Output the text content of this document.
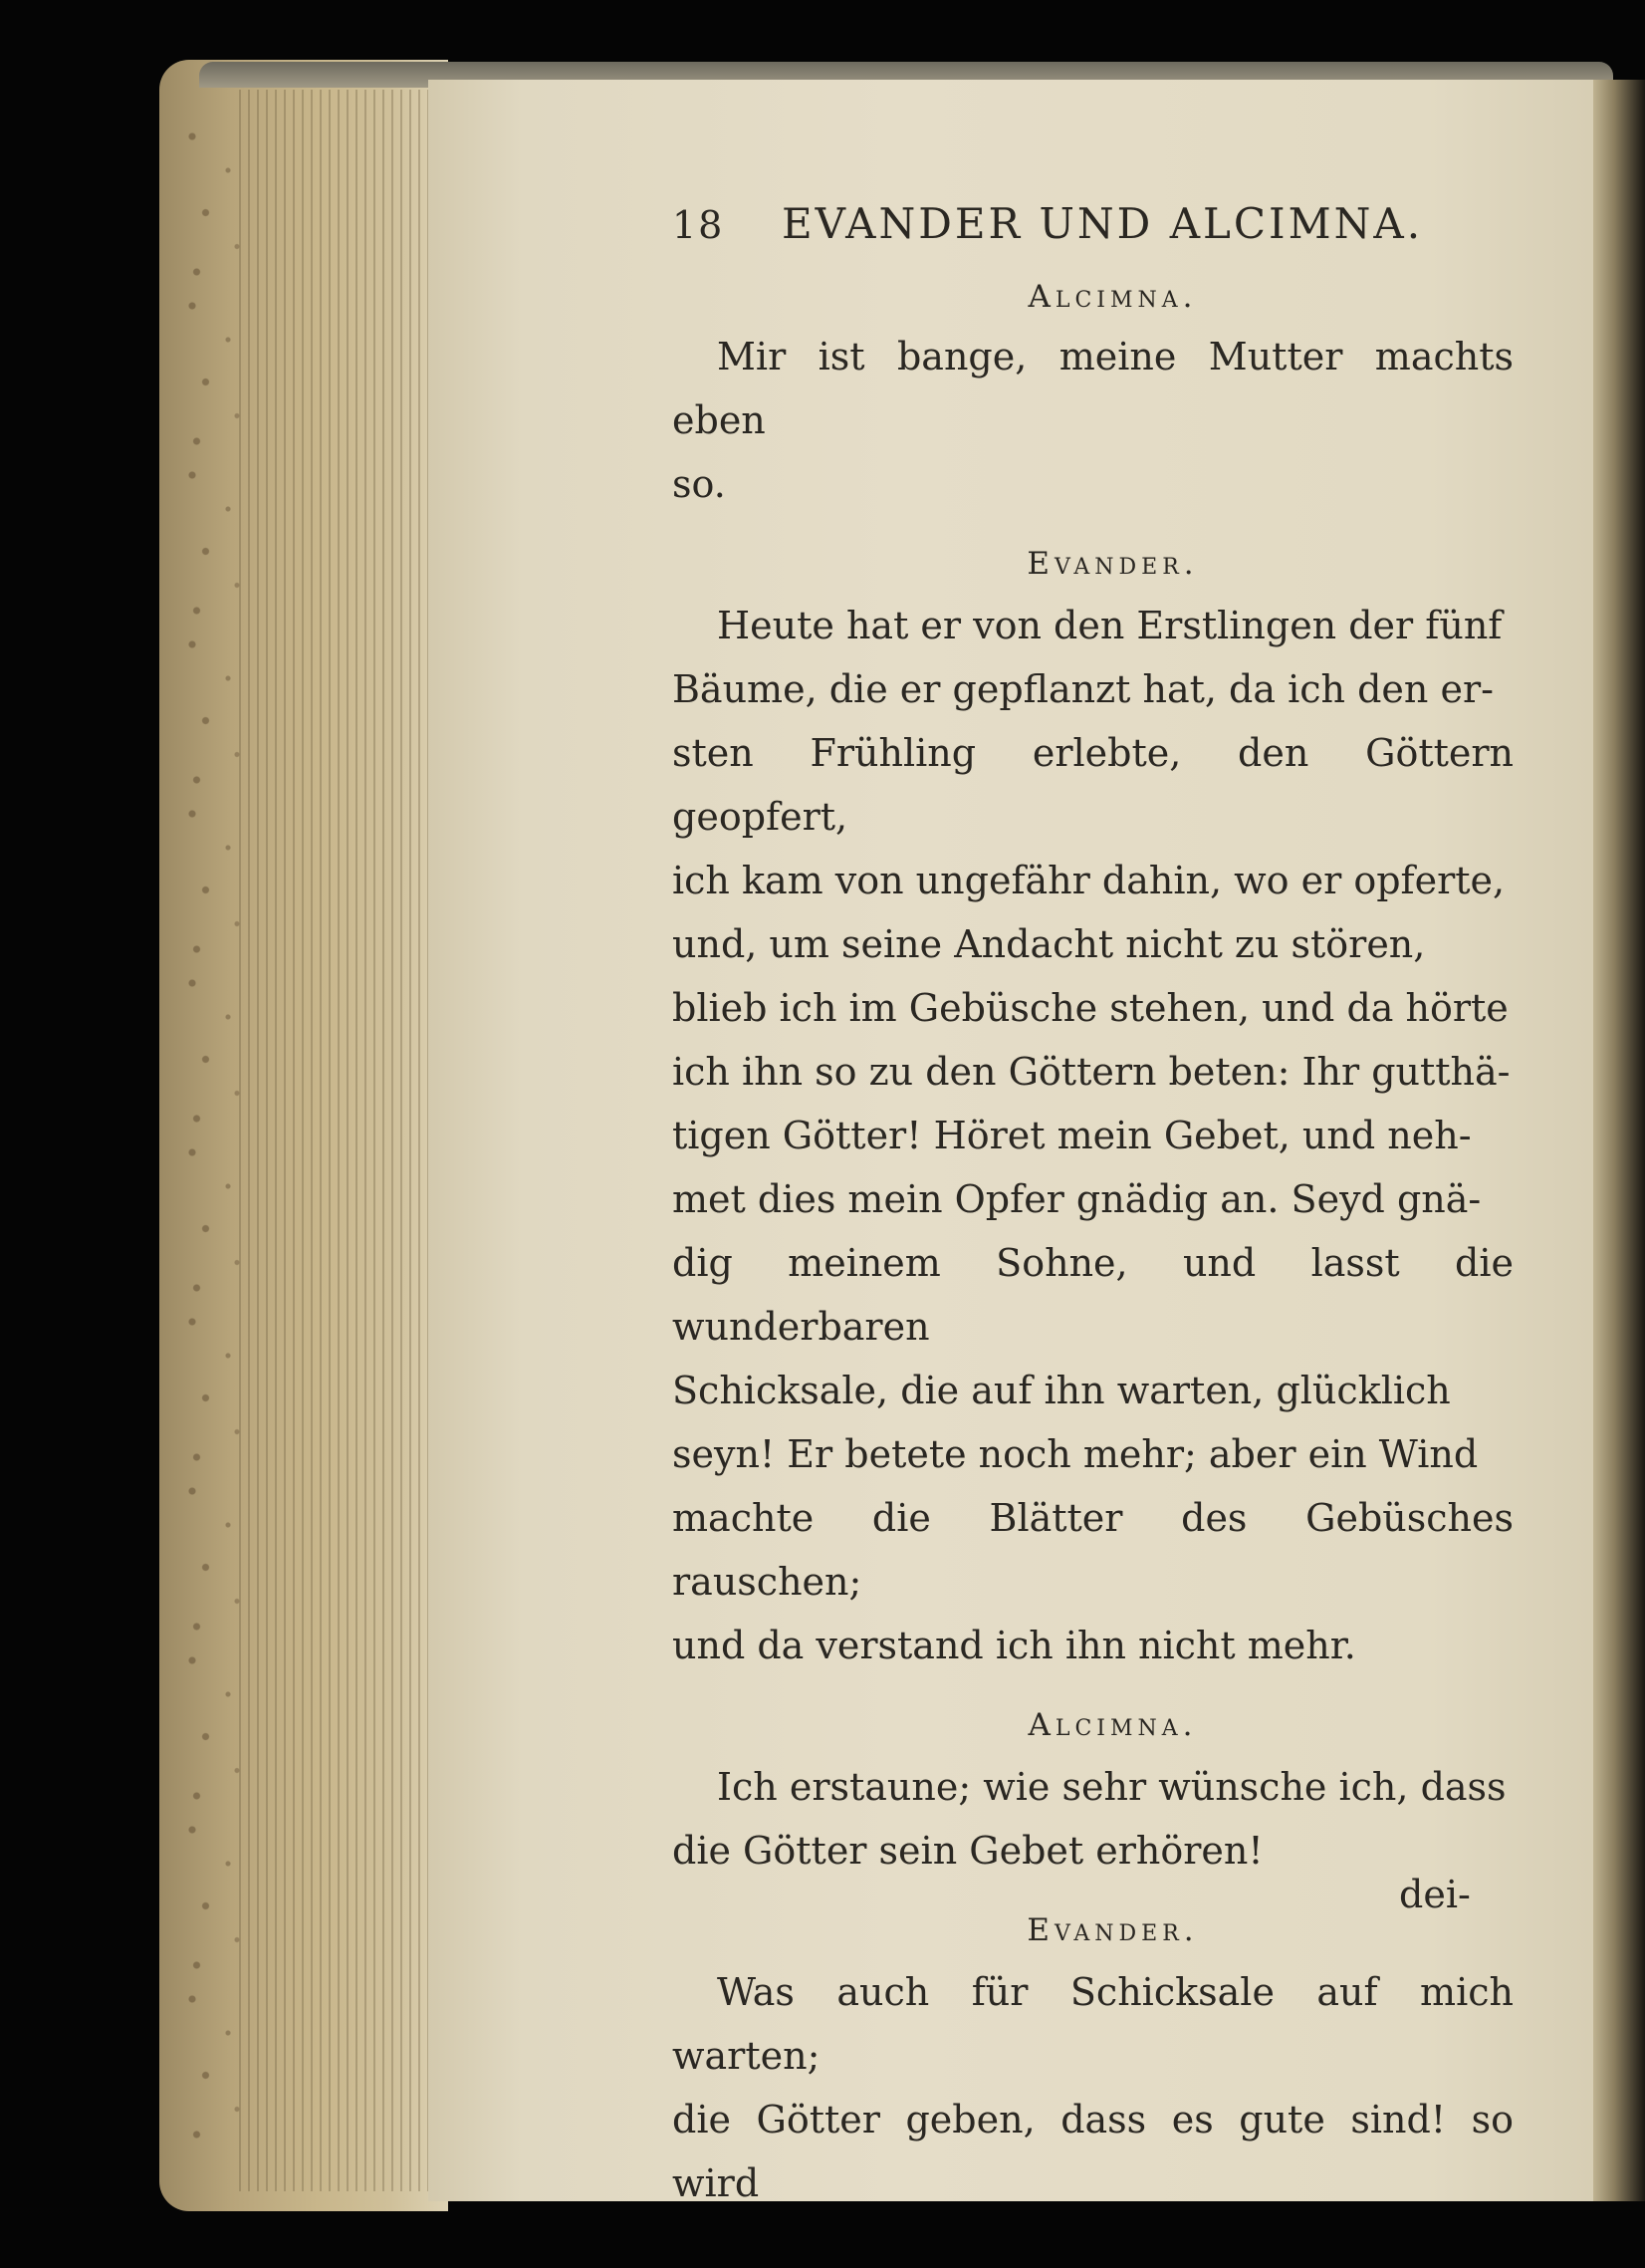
18	EVANDER UND ALCIMNA.
Alcimna.
Mir ist bange, meine Mutter machts eben
so.
Evander.
Heute hat er von den Erstlingen der fünf
Bäume, die er gepflanzt hat, da ich den er-
sten Frühling erlebte, den Göttern geopfert,
ich kam von ungefähr dahin, wo er opferte,
und, um seine Andacht nicht zu stören,
blieb ich im Gebüsche stehen, und da hörte
ich ihn so zu den Göttern beten: Ihr gutthä-
tigen Götter! Höret mein Gebet, und neh-
met dies mein Opfer gnädig an. Seyd gnä-
dig meinem Sohne, und lasst die wunderbaren
Schicksale, die auf ihn warten, glücklich
seyn! Er betete noch mehr; aber ein Wind
machte die Blätter des Gebüsches rauschen;
und da verstand ich ihn nicht mehr.
Alcimna.
Ich erstaune; wie sehr wünsche ich, dass
die Götter sein Gebet erhören!
Evander.
Was auch für Schicksale auf mich warten;
die Götter geben, dass es gute sind! so wird
dei-
